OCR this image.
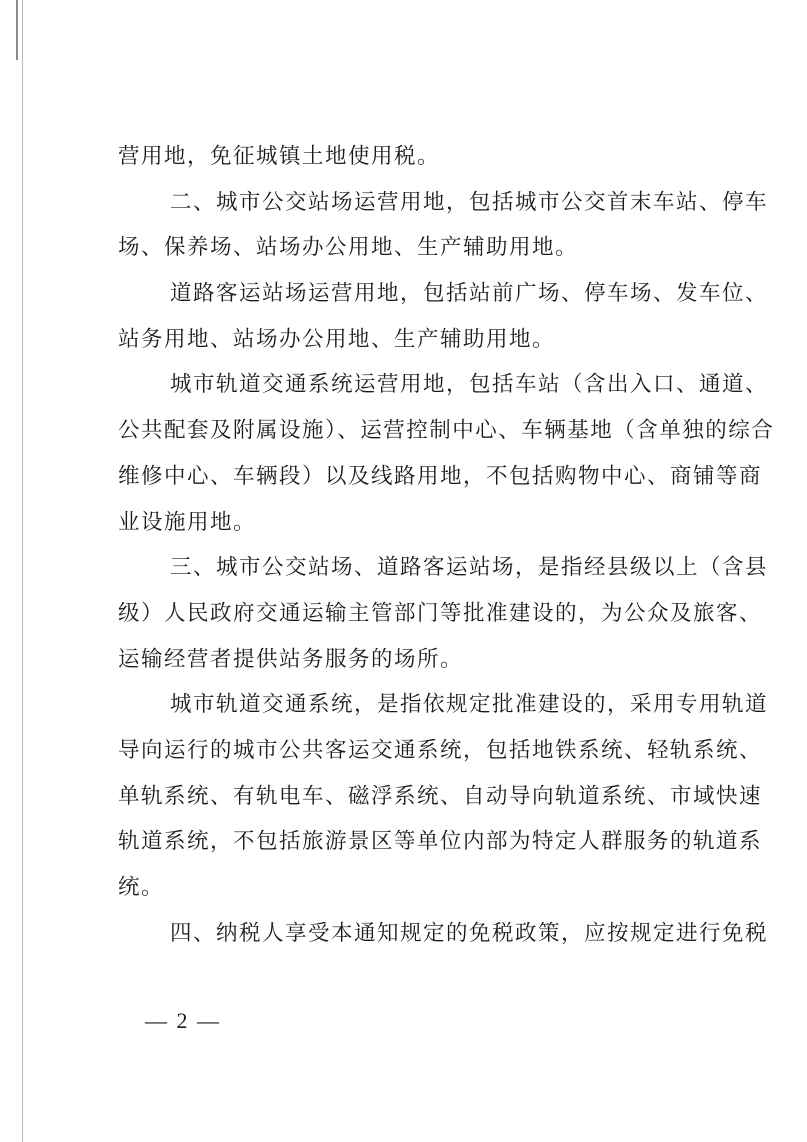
营用地，免征城镇土地使用税。
二、城市公交站场运营用地，包括城市公交首末车站、停车
场、保养场、站场办公用地、生产辅助用地。
道路客运站场运营用地，包括站前广场、停车场、发车位、
站务用地、站场办公用地、生产辅助用地。
城市轨道交通系统运营用地，包括车站（含出入口、通道、
公共配套及附属设施）、运营控制中心、车辆基地（含单独的综合
维修中心、车辆段）以及线路用地，不包括购物中心、商铺等商
业设施用地。
三、城市公交站场、道路客运站场，是指经县级以上（含县
级）人民政府交通运输主管部门等批准建设的，为公众及旅客、
运输经营者提供站务服务的场所。
城市轨道交通系统，是指依规定批准建设的，采用专用轨道
导向运行的城市公共客运交通系统，包括地铁系统、轻轨系统、
单轨系统、有轨电车、磁浮系统、自动导向轨道系统、市域快速
轨道系统，不包括旅游景区等单位内部为特定人群服务的轨道系
统。
四、纳税人享受本通知规定的免税政策，应按规定进行免税
— 2 —
